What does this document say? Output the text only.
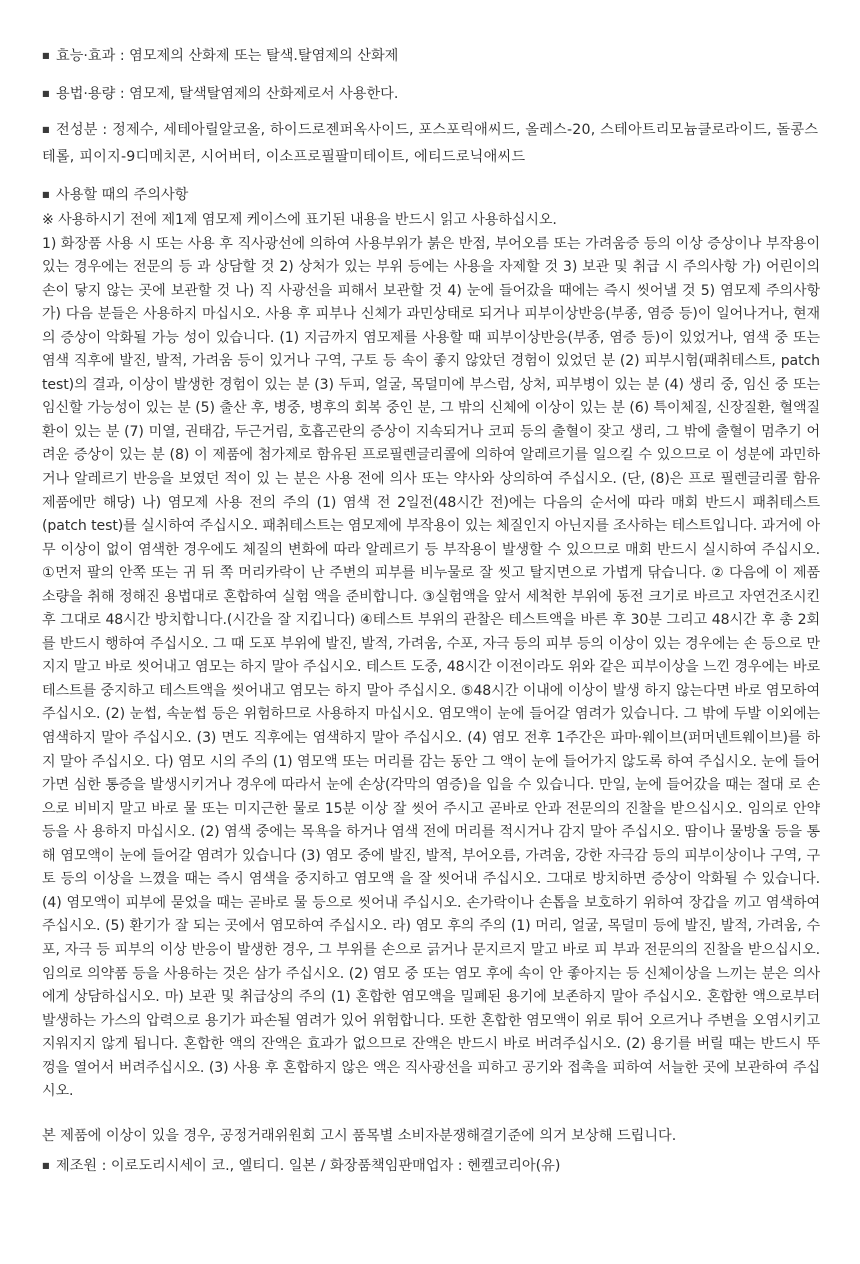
■ 효능·효과 : 염모제의 산화제 또는 탈색.탈염제의 산화제

■ 용법·용량 : 염모제, 탈색탈염제의 산화제로서 사용한다.

■ 전성분 : 정제수, 세테아릴알코올, 하이드로젠퍼옥사이드, 포스포릭애씨드, 올레스-20, 스테아트리모늄클로라이드, 돌콩스테롤, 피이지-9디메치콘, 시어버터, 이소프로필팔미테이트, 에티드로닉애씨드

■ 사용할 때의 주의사항

※ 사용하시기 전에 제1제 염모제 케이스에 표기된 내용을 반드시 읽고 사용하십시오.

1) 화장품 사용 시 또는 사용 후 직사광선에 의하여 사용부위가 붉은 반점, 부어오름 또는 가려움증 등의 이상 증상이나 부작용이 있는 경우에는 전문의 등 과 상담할 것 2) 상처가 있는 부위 등에는 사용을 자제할 것 3) 보관 및 취급 시 주의사항 가) 어린이의 손이 닿지 않는 곳에 보관할 것 나) 직 사광선을 피해서 보관할 것 4) 눈에 들어갔을 때에는 즉시 씻어낼 것 5) 염모제 주의사항 가) 다음 분들은 사용하지 마십시오. 사용 후 피부나 신체가 과민상태로 되거나 피부이상반응(부종, 염증 등)이 일어나거나, 현재의 증상이 악화될 가능 성이 있습니다. (1) 지금까지 염모제를 사용할 때 피부이상반응(부종, 염증 등)이 있었거나, 염색 중 또는 염색 직후에 발진, 발적, 가려움 등이 있거나 구역, 구토 등 속이 좋지 않았던 경험이 있었던 분 (2) 피부시험(패취테스트, patch test)의 결과, 이상이 발생한 경험이 있는 분 (3) 두피, 얼굴, 목덜미에 부스럼, 상처, 피부병이 있는 분 (4) 생리 중, 임신 중 또는 임신할 가능성이 있는 분 (5) 출산 후, 병중, 병후의 회복 중인 분, 그 밖의 신체에 이상이 있는 분 (6) 특이체질, 신장질환, 혈액질환이 있는 분 (7) 미열, 권태감, 두근거림, 호흡곤란의 증상이 지속되거나 코피 등의 출혈이 잦고 생리, 그 밖에 출혈이 멈추기 어려운 증상이 있는 분 (8) 이 제품에 첨가제로 함유된 프로필렌글리콜에 의하여 알레르기를 일으킬 수 있으므로 이 성분에 과민하거나 알레르기 반응을 보였던 적이 있 는 분은 사용 전에 의사 또는 약사와 상의하여 주십시오. (단, (8)은 프로 필렌글리콜 함유 제품에만 해당) 나) 염모제 사용 전의 주의 (1) 염색 전 2일전(48시간 전)에는 다음의 순서에 따라 매회 반드시 패취테스트(patch test)를 실시하여 주십시오. 패취테스트는 염모제에 부작용이 있는 체질인지 아닌지를 조사하는 테스트입니다. 과거에 아무 이상이 없이 염색한 경우에도 체질의 변화에 따라 알레르기 등 부작용이 발생할 수 있으므로 매회 반드시 실시하여 주십시오. ①먼저 팔의 안쪽 또는 귀 뒤 쪽 머리카락이 난 주변의 피부를 비누물로 잘 씻고 탈지면으로 가볍게 닦습니다. ② 다음에 이 제품 소량을 취해 정해진 용법대로 혼합하여 실험 액을 준비합니다. ③실험액을 앞서 세척한 부위에 동전 크기로 바르고 자연건조시킨 후 그대로 48시간 방치합니다.(시간을 잘 지킵니다) ④테스트 부위의 관찰은 테스트액을 바른 후 30분 그리고 48시간 후 총 2회를 반드시 행하여 주십시오. 그 때 도포 부위에 발진, 발적, 가려움, 수포, 자극 등의 피부 등의 이상이 있는 경우에는 손 등으로 만지지 말고 바로 씻어내고 염모는 하지 말아 주십시오. 테스트 도중, 48시간 이전이라도 위와 같은 피부이상을 느낀 경우에는 바로 테스트를 중지하고 테스트액을 씻어내고 염모는 하지 말아 주십시오. ⑤48시간 이내에 이상이 발생 하지 않는다면 바로 염모하여 주십시오. (2) 눈썹, 속눈썹 등은 위험하므로 사용하지 마십시오. 염모액이 눈에 들어갈 염려가 있습니다. 그 밖에 두발 이외에는 염색하지 말아 주십시오. (3) 면도 직후에는 염색하지 말아 주십시오. (4) 염모 전후 1주간은 파마·웨이브(퍼머넨트웨이브)를 하지 말아 주십시오. 다) 염모 시의 주의 (1) 염모액 또는 머리를 감는 동안 그 액이 눈에 들어가지 않도록 하여 주십시오. 눈에 들어가면 심한 통증을 발생시키거나 경우에 따라서 눈에 손상(각막의 염증)을 입을 수 있습니다. 만일, 눈에 들어갔을 때는 절대 로 손으로 비비지 말고 바로 물 또는 미지근한 물로 15분 이상 잘 씻어 주시고 곧바로 안과 전문의의 진찰을 받으십시오. 임의로 안약 등을 사 용하지 마십시오. (2) 염색 중에는 목욕을 하거나 염색 전에 머리를 적시거나 감지 말아 주십시오. 땀이나 물방울 등을 통해 염모액이 눈에 들어갈 염려가 있습니다 (3) 염모 중에 발진, 발적, 부어오름, 가려움, 강한 자극감 등의 피부이상이나 구역, 구토 등의 이상을 느꼈을 때는 즉시 염색을 중지하고 염모액 을 잘 씻어내 주십시오. 그대로 방치하면 증상이 악화될 수 있습니다. (4) 염모액이 피부에 묻었을 때는 곧바로 물 등으로 씻어내 주십시오. 손가락이나 손톱을 보호하기 위하여 장갑을 끼고 염색하여 주십시오. (5) 환기가 잘 되는 곳에서 염모하여 주십시오. 라) 염모 후의 주의 (1) 머리, 얼굴, 목덜미 등에 발진, 발적, 가려움, 수포, 자극 등 피부의 이상 반응이 발생한 경우, 그 부위를 손으로 긁거나 문지르지 말고 바로 피 부과 전문의의 진찰을 받으십시오. 임의로 의약품 등을 사용하는 것은 삼가 주십시오. (2) 염모 중 또는 염모 후에 속이 안 좋아지는 등 신체이상을 느끼는 분은 의사에게 상담하십시오. 마) 보관 및 취급상의 주의 (1) 혼합한 염모액을 밀폐된 용기에 보존하지 말아 주십시오. 혼합한 액으로부터 발생하는 가스의 압력으로 용기가 파손될 염려가 있어 위험합니다. 또한 혼합한 염모액이 위로 튀어 오르거나 주변을 오염시키고 지워지지 않게 됩니다. 혼합한 액의 잔액은 효과가 없으므로 잔액은 반드시 바로 버려주십시오. (2) 용기를 버릴 때는 반드시 뚜껑을 열어서 버려주십시오. (3) 사용 후 혼합하지 않은 액은 직사광선을 피하고 공기와 접촉을 피하여 서늘한 곳에 보관하여 주십시오.

본 제품에 이상이 있을 경우, 공정거래위원회 고시 품목별 소비자분쟁해결기준에 의거 보상해 드립니다.

■ 제조원 : 이로도리시세이 코., 엘티디. 일본 / 화장품책임판매업자 : 헨켈코리아(유)
